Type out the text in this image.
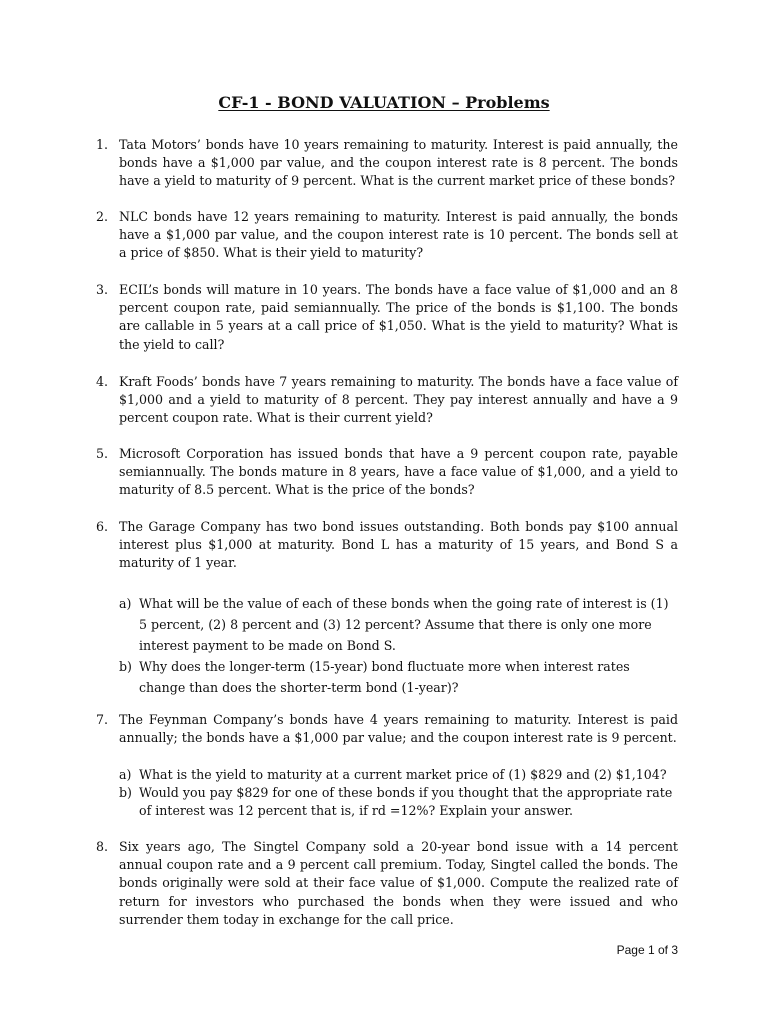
CF-1 - BOND VALUATION – Problems
1. Tata Motors’ bonds have 10 years remaining to maturity. Interest is paid annually, the bonds have a $1,000 par value, and the coupon interest rate is 8 percent. The bonds have a yield to maturity of 9 percent. What is the current market price of these bonds?
2. NLC bonds have 12 years remaining to maturity. Interest is paid annually, the bonds have a $1,000 par value, and the coupon interest rate is 10 percent. The bonds sell at a price of $850. What is their yield to maturity?
3. ECIL’s bonds will mature in 10 years. The bonds have a face value of $1,000 and an 8 percent coupon rate, paid semiannually. The price of the bonds is $1,100. The bonds are callable in 5 years at a call price of $1,050. What is the yield to maturity? What is the yield to call?
4. Kraft Foods’ bonds have 7 years remaining to maturity. The bonds have a face value of $1,000 and a yield to maturity of 8 percent. They pay interest annually and have a 9 percent coupon rate. What is their current yield?
5. Microsoft Corporation has issued bonds that have a 9 percent coupon rate, payable semiannually. The bonds mature in 8 years, have a face value of $1,000, and a yield to maturity of 8.5 percent. What is the price of the bonds?
6. The Garage Company has two bond issues outstanding. Both bonds pay $100 annual interest plus $1,000 at maturity. Bond L has a maturity of 15 years, and Bond S a maturity of 1 year.
a) What will be the value of each of these bonds when the going rate of interest is (1) 5 percent, (2) 8 percent and (3) 12 percent? Assume that there is only one more interest payment to be made on Bond S.
b) Why does the longer-term (15-year) bond fluctuate more when interest rates change than does the shorter-term bond (1-year)?
7. The Feynman Company’s bonds have 4 years remaining to maturity. Interest is paid annually; the bonds have a $1,000 par value; and the coupon interest rate is 9 percent.
a) What is the yield to maturity at a current market price of (1) $829 and (2) $1,104?
b) Would you pay $829 for one of these bonds if you thought that the appropriate rate of interest was 12 percent that is, if rd =12%? Explain your answer.
8. Six years ago, The Singtel Company sold a 20-year bond issue with a 14 percent annual coupon rate and a 9 percent call premium. Today, Singtel called the bonds. The bonds originally were sold at their face value of $1,000. Compute the realized rate of return for investors who purchased the bonds when they were issued and who surrender them today in exchange for the call price.
Page 1 of 3
